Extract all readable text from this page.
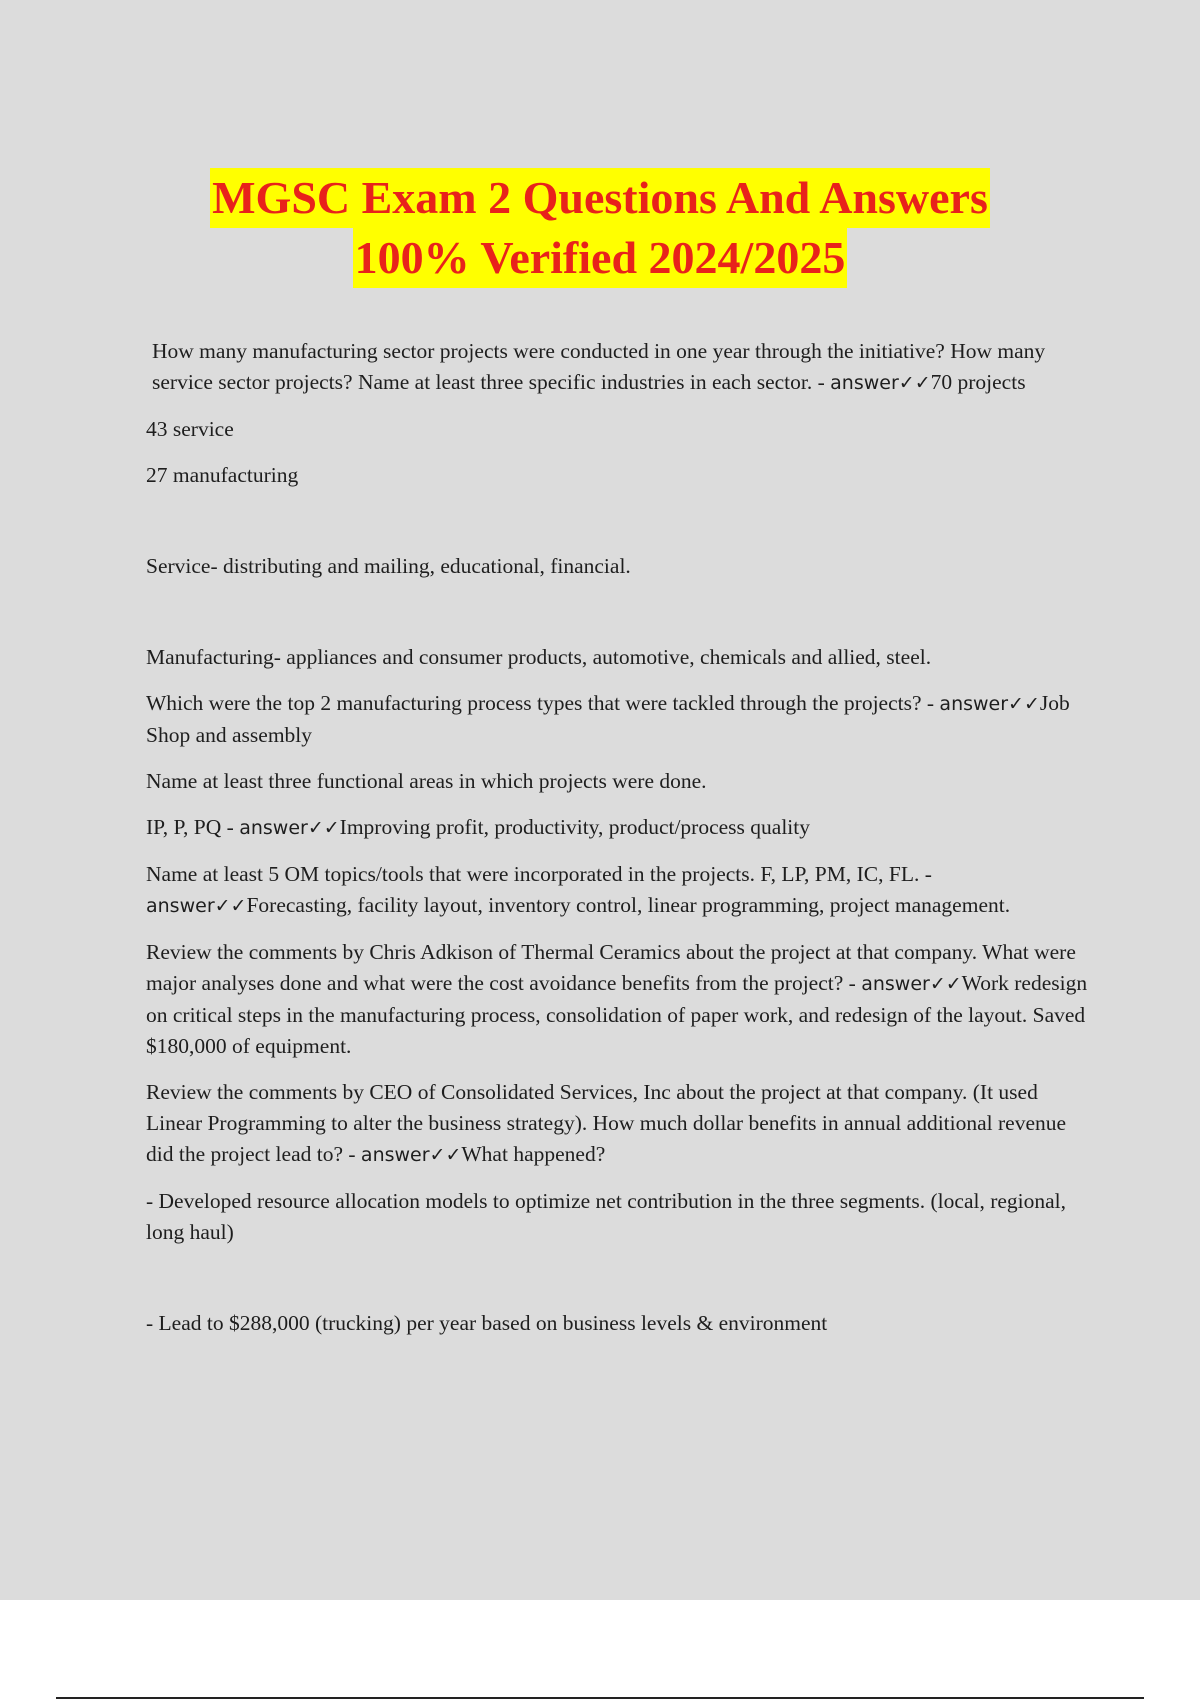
MGSC Exam 2 Questions And Answers
100% Verified 2024/2025
How many manufacturing sector projects were conducted in one year through the initiative? How many service sector projects? Name at least three specific industries in each sector. - answer✓✓70 projects
43 service
27 manufacturing
Service- distributing and mailing, educational, financial.
Manufacturing- appliances and consumer products, automotive, chemicals and allied, steel.
Which were the top 2 manufacturing process types that were tackled through the projects? - answer✓✓Job Shop and assembly
Name at least three functional areas in which projects were done.
IP, P, PQ - answer✓✓Improving profit, productivity, product/process quality
Name at least 5 OM topics/tools that were incorporated in the projects. F, LP, PM, IC, FL. - answer✓✓Forecasting, facility layout, inventory control, linear programming, project management.
Review the comments by Chris Adkison of Thermal Ceramics about the project at that company. What were major analyses done and what were the cost avoidance benefits from the project? - answer✓✓Work redesign on critical steps in the manufacturing process, consolidation of paper work, and redesign of the layout. Saved $180,000 of equipment.
Review the comments by CEO of Consolidated Services, Inc about the project at that company. (It used Linear Programming to alter the business strategy). How much dollar benefits in annual additional revenue did the project lead to? - answer✓✓What happened?
- Developed resource allocation models to optimize net contribution in the three segments. (local, regional, long haul)
- Lead to $288,000 (trucking) per year based on business levels & environment
